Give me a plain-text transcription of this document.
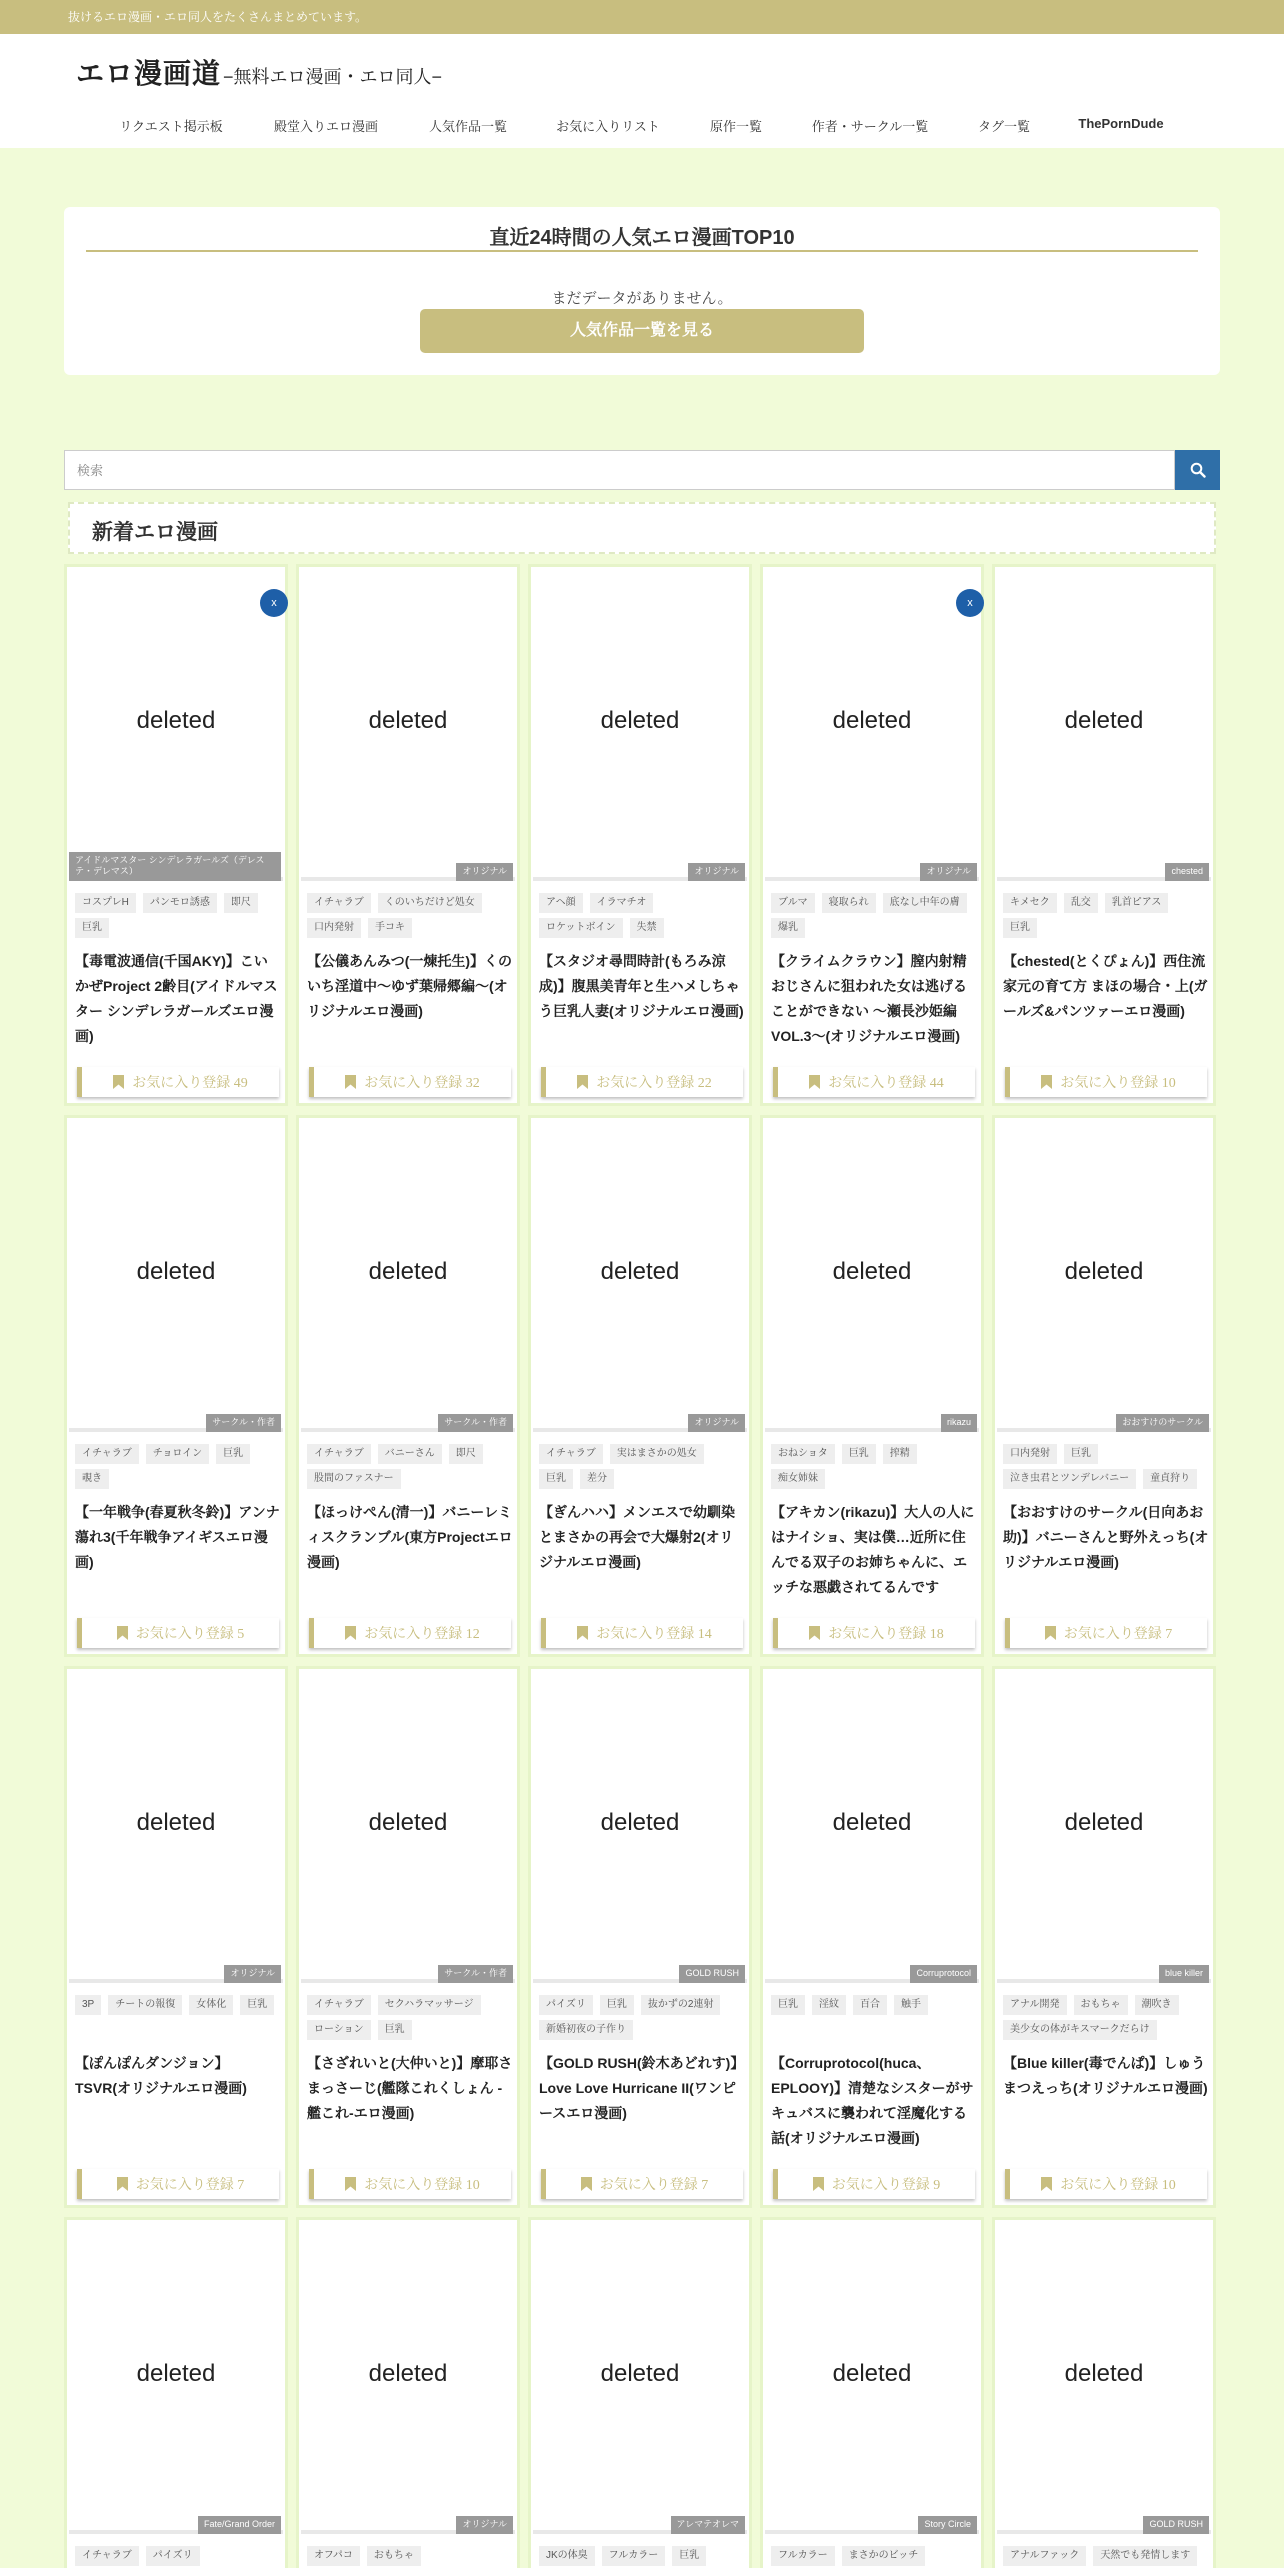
抜けるエロ漫画・エロ同人をたくさんまとめています。
エロ漫画道 −無料エロ漫画・エロ同人−
リクエスト掲示板	殿堂入りエロ漫画	人気作品一覧	お気に入りリスト	原作一覧	作者・サークル一覧	タグ一覧	ThePornDude
直近24時間の人気エロ漫画TOP10
まだデータがありません。
人気作品一覧を見る
検索
新着エロ漫画
deleted
x
アイドルマスター シンデレラガールズ（デレステ・デレマス）
コスプレH	パンモロ誘惑	即尺
巨乳
【毒電波通信(千国AKY)】こいかぜProject 2齢目(アイドルマスター シンデレラガールズエロ漫画)
お気に入り登録 49
deleted
オリジナル
イチャラブ	くのいちだけど処女
口内発射	手コキ
【公儀あんみつ(一煉托生)】くのいち淫道中～ゆず葉帰郷編～(オリジナルエロ漫画)
お気に入り登録 32
deleted
オリジナル
アヘ顔	イラマチオ
ロケットボイン	失禁
【スタジオ尋問時計(もろみ涼成)】腹黒美青年と生ハメしちゃう巨乳人妻(オリジナルエロ漫画)
お気に入り登録 22
deleted
x
オリジナル
ブルマ	寝取られ	底なし中年の膚
爆乳
【クライムクラウン】膣内射精おじさんに狙われた女は逃げることができない ～瀬長沙姫編 VOL.3～(オリジナルエロ漫画)
お気に入り登録 44
deleted
chested
キメセク	乱交	乳首ピアス
巨乳
【chested(とくぴょん)】西住流家元の育て方 まほの場合・上(ガールズ&パンツァーエロ漫画)
お気に入り登録 10
deleted
サークル・作者
イチャラブ	チョロイン	巨乳
覗き
【一年戦争(春夏秋冬鈴)】アンナ蕩れ3(千年戦争アイギスエロ漫画)
お気に入り登録 5
deleted
サークル・作者
イチャラブ	バニーさん	即尺
股間のファスナー
【ほっけぺん(清一)】バニーレミィスクランブル(東方Projectエロ漫画)
お気に入り登録 12
deleted
オリジナル
イチャラブ	実はまさかの処女
巨乳	差分
【ぎんハハ】メンエスで幼馴染とまさかの再会で大爆射2(オリジナルエロ漫画)
お気に入り登録 14
deleted
rikazu
おねショタ	巨乳	搾精
痴女姉妹
【アキカン(rikazu)】大人の人にはナイショ、実は僕…近所に住んでる双子のお姉ちゃんに、エッチな悪戯されてるんです
お気に入り登録 18
deleted
おおすけのサークル
口内発射	巨乳
泣き虫君とツンデレバニー	童貞狩り
【おおすけのサークル(日向あお助)】バニーさんと野外えっち(オリジナルエロ漫画)
お気に入り登録 7
deleted
オリジナル
3P	チートの報復	女体化	巨乳
【ぽんぽんダンジョン】TSVR(オリジナルエロ漫画)
お気に入り登録 7
deleted
サークル・作者
イチャラブ	セクハラマッサージ
ローション	巨乳
【さざれいと(大仲いと)】摩耶さまっさーじ(艦隊これくしょん -艦これ-エロ漫画)
お気に入り登録 10
deleted
GOLD RUSH
パイズリ	巨乳	抜かずの2連射
新婚初夜の子作り
【GOLD RUSH(鈴木あどれす)】Love Love Hurricane II(ワンピースエロ漫画)
お気に入り登録 7
deleted
Corruprotocol
巨乳	淫紋	百合	触手
【Corruprotocol(huca、EPLOOY)】清楚なシスターがサキュバスに襲われて淫魔化する話(オリジナルエロ漫画)
お気に入り登録 9
deleted
blue killer
アナル開発	おもちゃ	潮吹き
美少女の体がキスマークだらけ
【Blue killer(毒でんぱ)】しゅうまつえっち(オリジナルエロ漫画)
お気に入り登録 10
deleted
Fate/Grand Order
イチャラブ	パイズリ
deleted
オリジナル
オフパコ	おもちゃ
deleted
アレマテオレマ
JKの体臭	フルカラー	巨乳
deleted
Story Circle
フルカラー	まさかのビッチ
deleted
GOLD RUSH
アナルファック	天然でも発情します
